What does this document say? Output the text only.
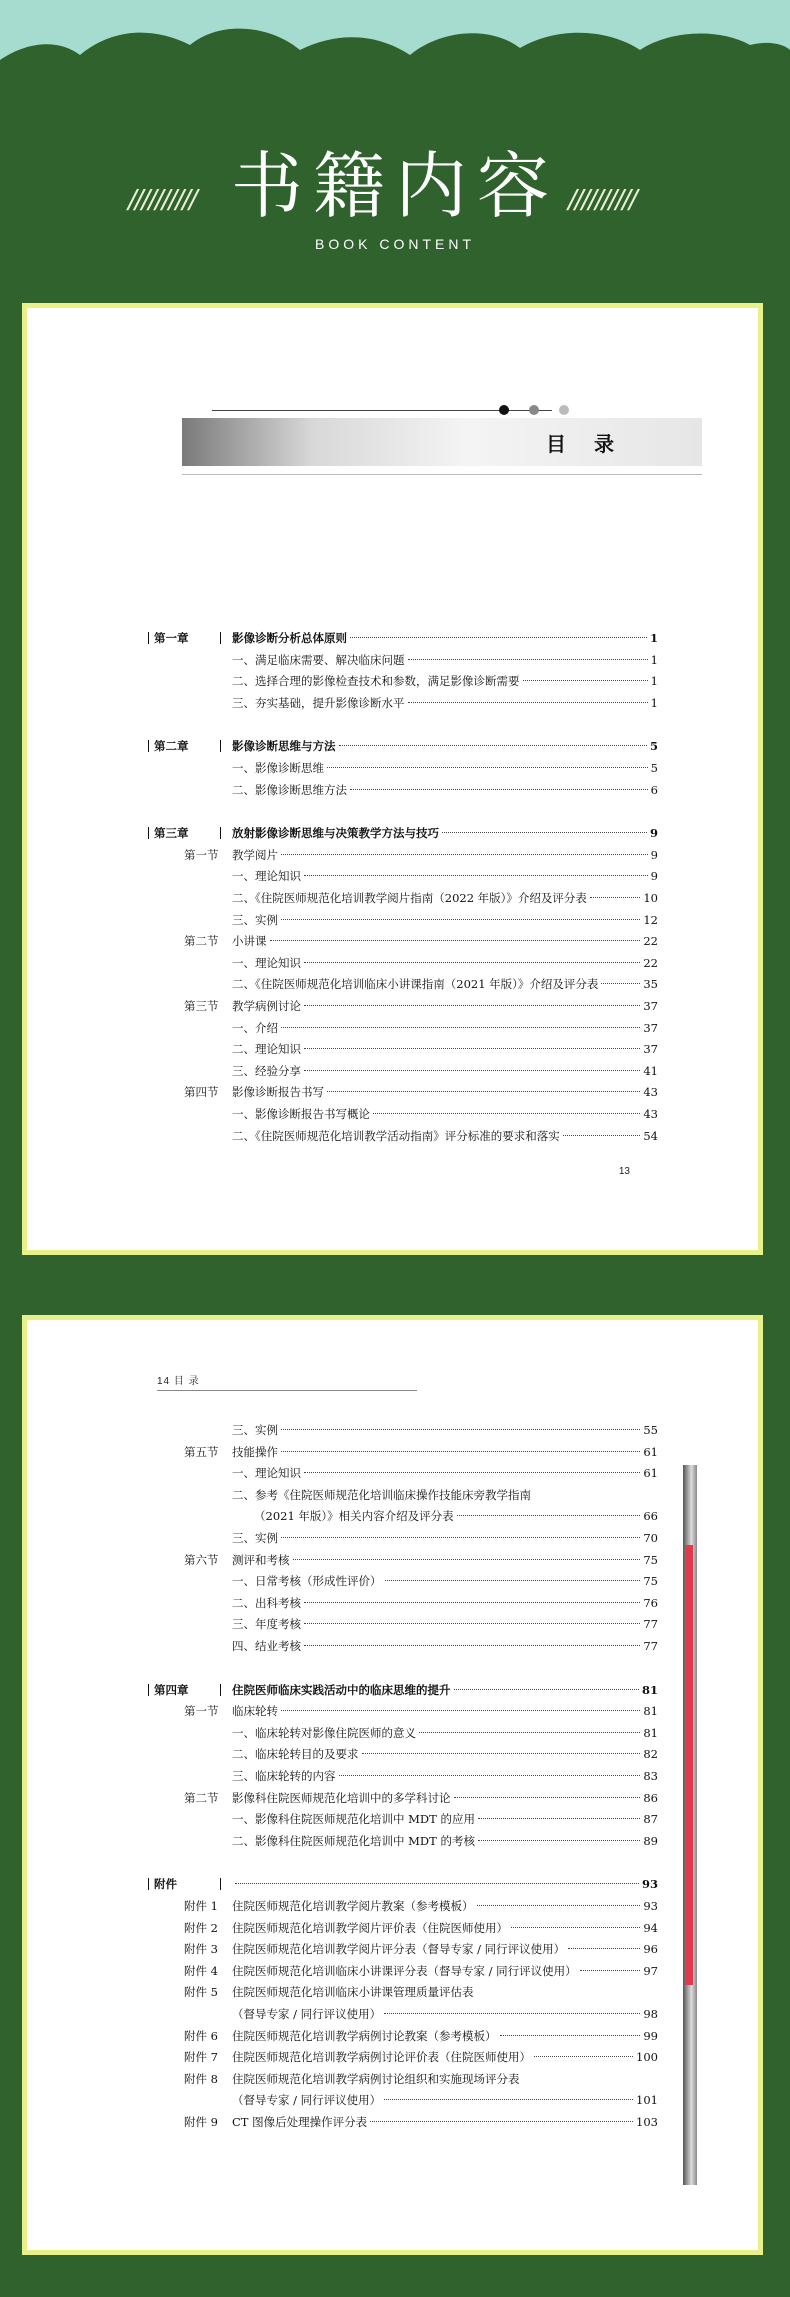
//////////	//////////
书籍内容
BOOK CONTENT
目录
第一章	影像诊断分析总体原则	1
一、满足临床需要、解决临床问题	1
二、选择合理的影像检查技术和参数，满足影像诊断需要	1
三、夯实基础，提升影像诊断水平	1
第二章	影像诊断思维与方法	5
一、影像诊断思维	5
二、影像诊断思维方法	6
第三章	放射影像诊断思维与决策教学方法与技巧	9
第一节 教学阅片	9
一、理论知识	9
二、《住院医师规范化培训教学阅片指南（2022 年版）》介绍及评分表	10
三、实例	12
第二节 小讲课	22
一、理论知识	22
二、《住院医师规范化培训临床小讲课指南（2021 年版）》介绍及评分表	35
第三节 教学病例讨论	37
一、介绍	37
二、理论知识	37
三、经验分享	41
第四节 影像诊断报告书写	43
一、影像诊断报告书写概论	43
二、《住院医师规范化培训教学活动指南》评分标准的要求和落实	54
13
14 目 录
三、实例	55
第五节 技能操作	61
一、理论知识	61
二、参考《住院医师规范化培训临床操作技能床旁教学指南
（2021 年版）》相关内容介绍及评分表	66
三、实例	70
第六节 测评和考核	75
一、日常考核（形成性评价）	75
二、出科考核	76
三、年度考核	77
四、结业考核	77
第四章	住院医师临床实践活动中的临床思维的提升	81
第一节 临床轮转	81
一、临床轮转对影像住院医师的意义	81
二、临床轮转目的及要求	82
三、临床轮转的内容	83
第二节 影像科住院医师规范化培训中的多学科讨论	86
一、影像科住院医师规范化培训中 MDT 的应用	87
二、影像科住院医师规范化培训中 MDT 的考核	89
附件	93
附件 1 住院医师规范化培训教学阅片教案（参考模板）	93
附件 2 住院医师规范化培训教学阅片评价表（住院医师使用）	94
附件 3 住院医师规范化培训教学阅片评分表（督导专家 / 同行评议使用）	96
附件 4 住院医师规范化培训临床小讲课评分表（督导专家 / 同行评议使用）	97
附件 5 住院医师规范化培训临床小讲课管理质量评估表
（督导专家 / 同行评议使用）	98
附件 6 住院医师规范化培训教学病例讨论教案（参考模板）	99
附件 7 住院医师规范化培训教学病例讨论评价表（住院医师使用）	100
附件 8 住院医师规范化培训教学病例讨论组织和实施现场评分表
（督导专家 / 同行评议使用）	101
附件 9 CT 图像后处理操作评分表	103
